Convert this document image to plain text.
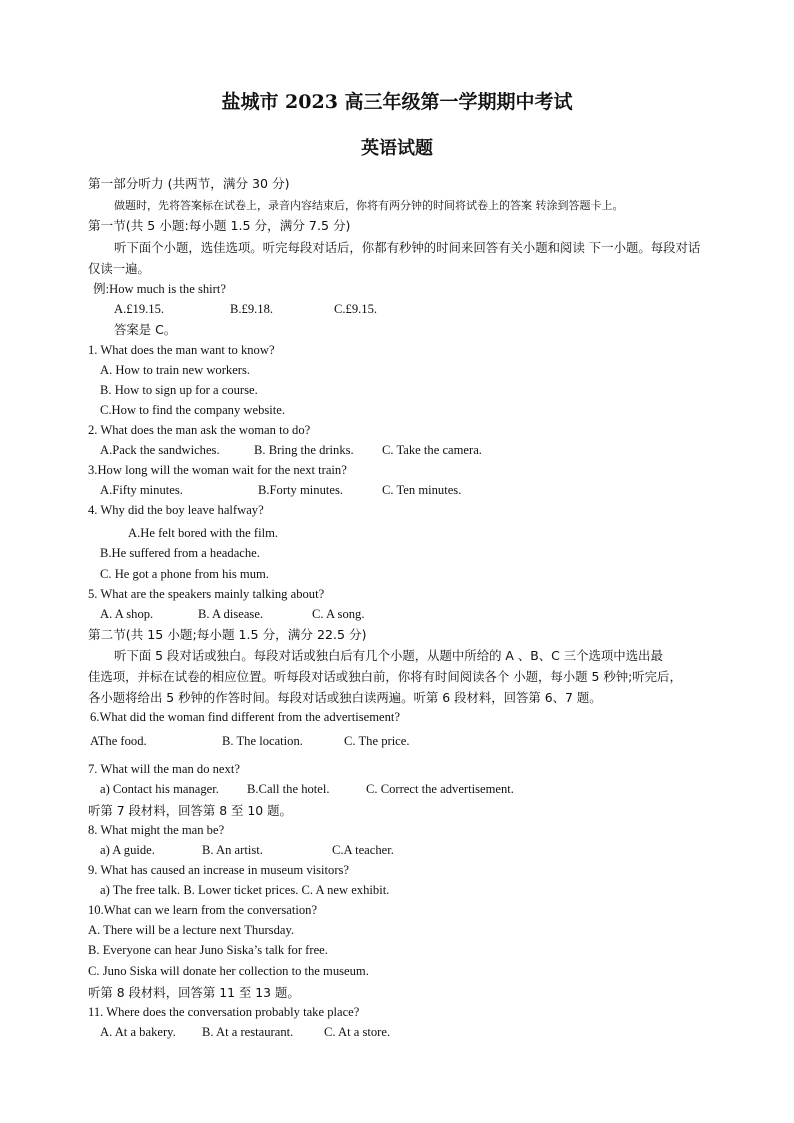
盐城市 2023 高三年级第一学期期中考试
英语试题
第一部分听力 (共两节，满分 30 分)
做题时，先将答案标在试卷上，录音内容结束后，你将有两分钟的时间将试卷上的答案 转涂到答题卡上。
第一节(共 5 小题:每小题 1.5 分，满分 7.5 分)
听下面个小题，选佳选项。听完每段对话后，你都有秒钟的时间来回答有关小题和阅读 下一小题。每段对话
仅读一遍。
例:How much is the shirt?
A.£19.15.	B.£9.18.	C.£9.15.
答案是 C。
1. What does the man want to know?
A. How to train new workers.
B. How to sign up for a course.
C.How to find the company website.
2. What does the man ask the woman to do?
A.Pack the sandwiches.	B. Bring the drinks. C. Take the camera.
3.How long will the woman wait for the next train?
A.Fifty minutes.	B.Forty minutes.	C. Ten minutes.
4. Why did the boy leave halfway?
A.He felt bored with the film.
B.He suffered from a headache.
C. He got a phone from his mum.
5. What are the speakers mainly talking about?
A. A shop.	B. A disease.	C. A song.
第二节(共 15 小题;每小题 1.5 分，满分 22.5 分)
听下面 5 段对话或独白。每段对话或独白后有几个小题，从题中所给的 A 、B、C 三个选项中选出最
佳选项，并标在试卷的相应位置。听每段对话或独白前，你将有时间阅读各个 小题，每小题 5 秒钟;听完后，
各小题将给出 5 秒钟的作答时间。每段对话或独白读两遍。听第 6 段材料，回答第 6、7 题。
6.What did the woman find different from the advertisement?
AThe food.	B. The location.	C. The price.
7. What will the man do next?
a) Contact his manager. B.Call the hotel.	C. Correct the advertisement.
听第 7 段材料，回答第 8 至 10 题。
8. What might the man be?
a) A guide.	B. An artist.	C.A teacher.
9. What has caused an increase in museum visitors?
a) The free talk. B. Lower ticket prices. C. A new exhibit.
10.What can we learn from the conversation?
A. There will be a lecture next Thursday.
B. Everyone can hear Juno Siska’s talk for free.
C. Juno Siska will donate her collection to the museum.
听第 8 段材料，回答第 11 至 13 题。
11. Where does the conversation probably take place?
A. At a bakery. B. At a restaurant. C. At a store.
